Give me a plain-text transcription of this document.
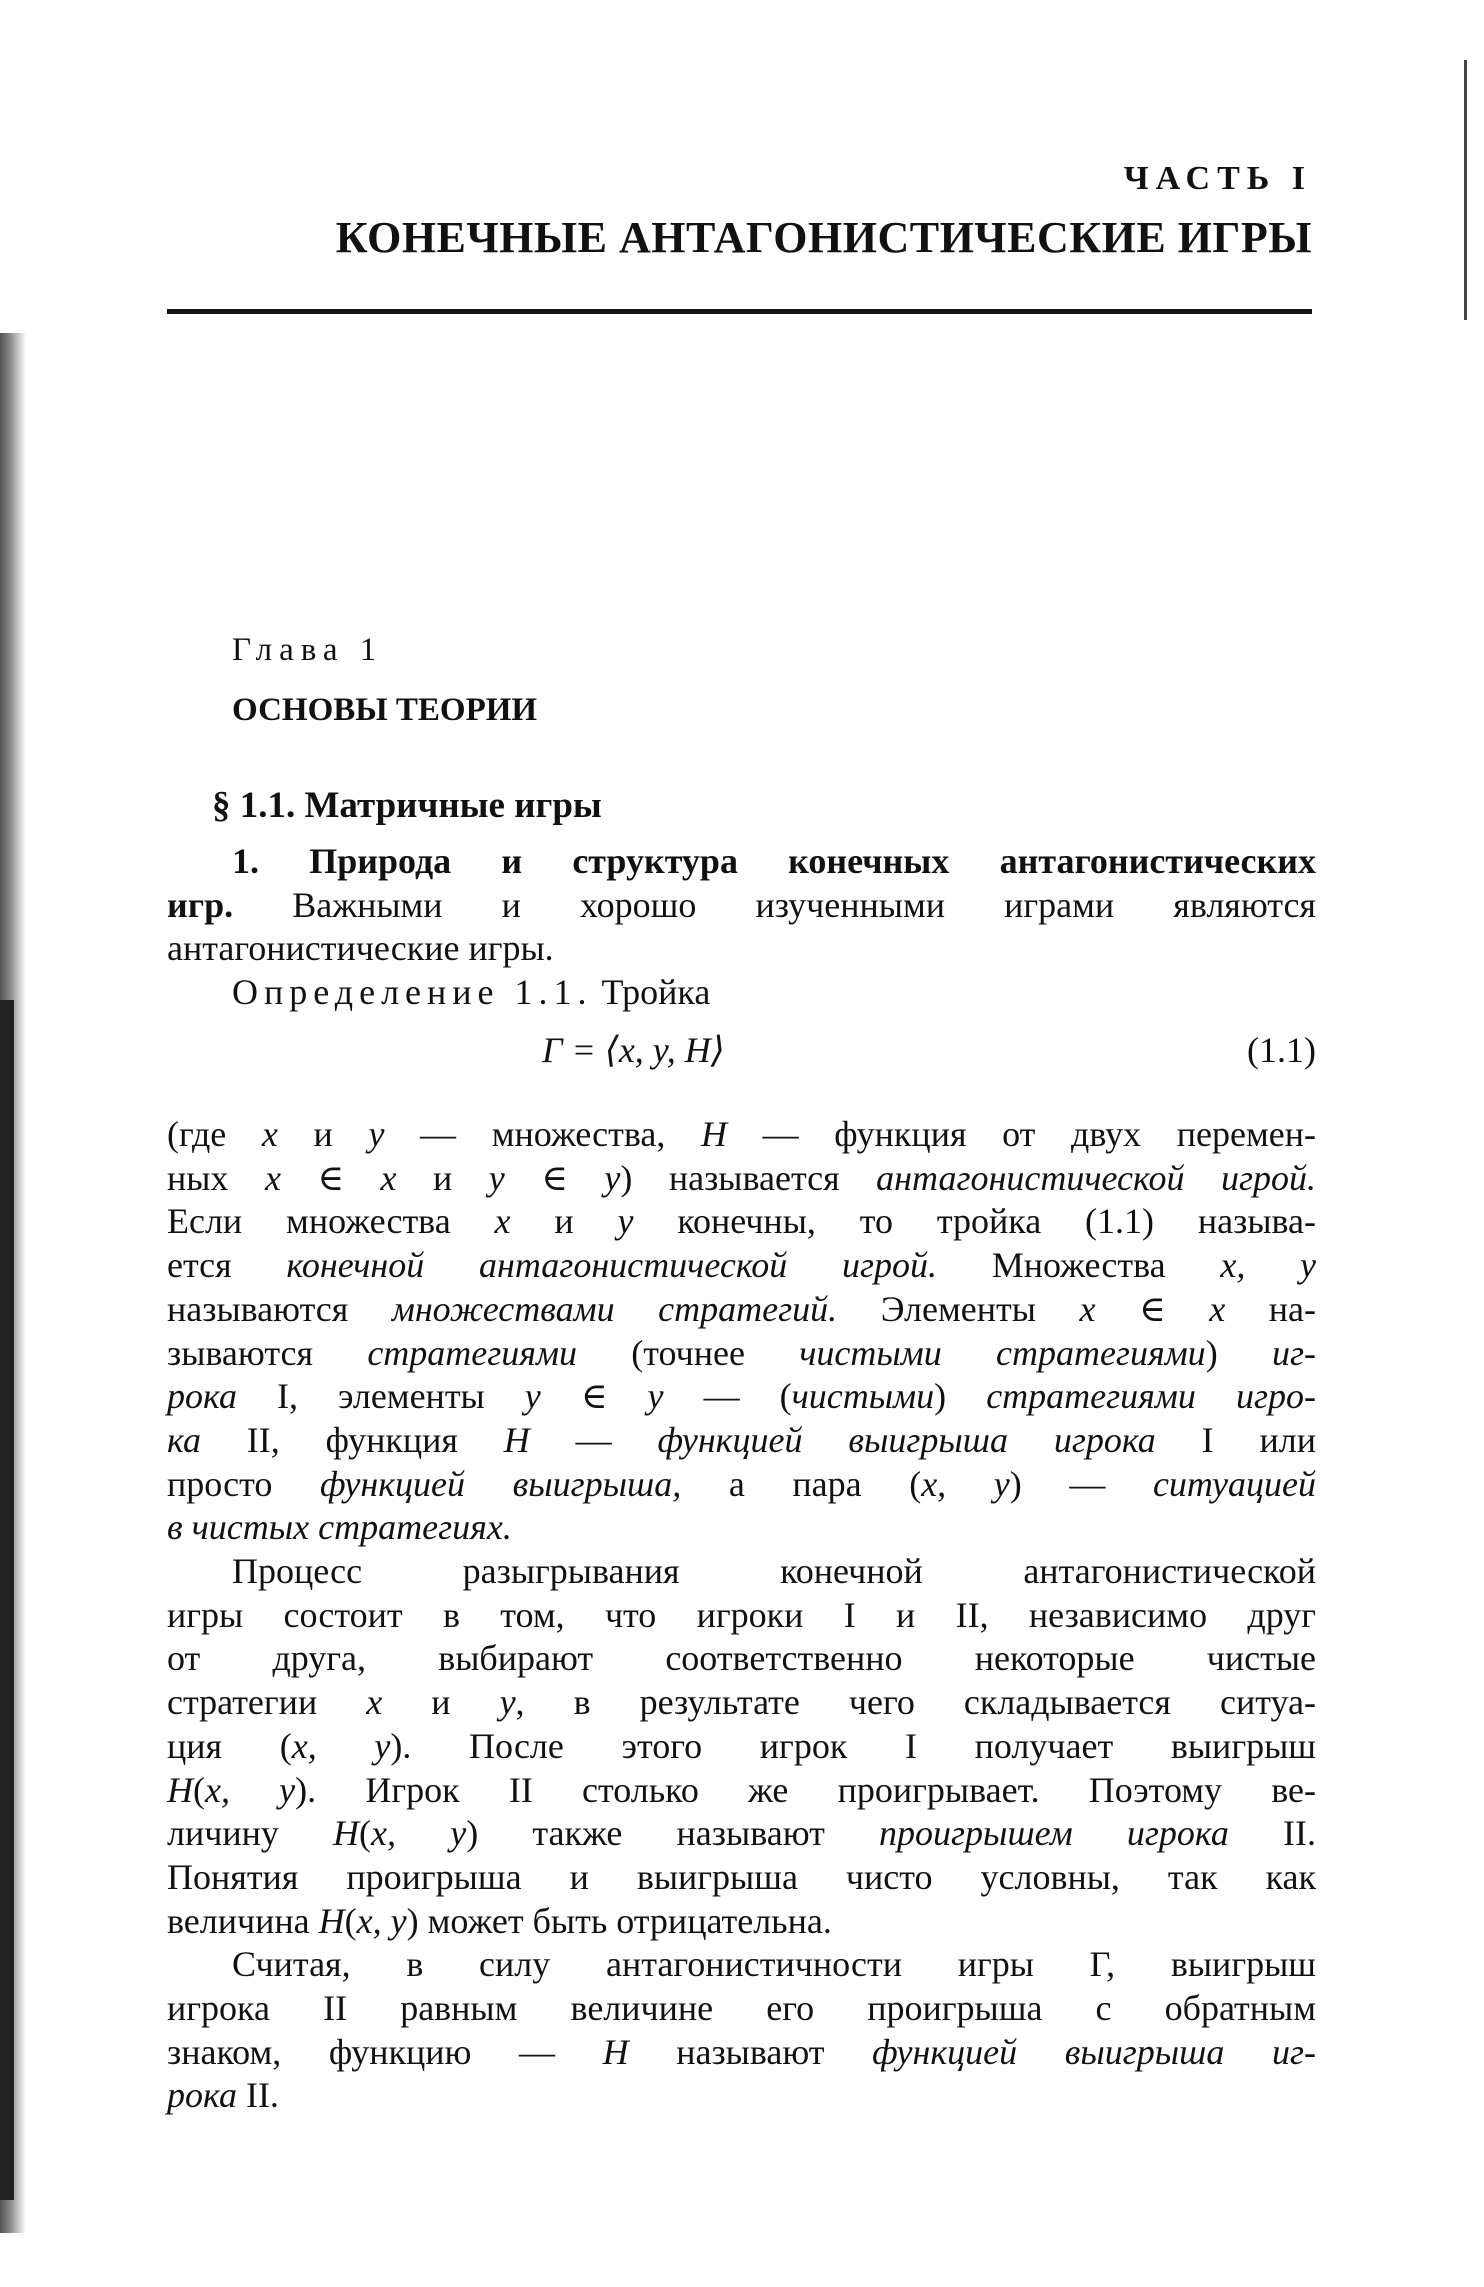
ЧАСТЬ I
КОНЕЧНЫЕ АНТАГОНИСТИЧЕСКИЕ ИГРЫ
Глава 1
ОСНОВЫ ТЕОРИИ
§ 1.1. Матричные игры
1. Природа и структура конечных антагонистических
игр. Важными и хорошо изученными играми являются
антагонистические игры.
Определение 1.1. Тройка
Γ = ⟨x, y, H⟩	(1.1)
(где x и y — множества, H — функция от двух перемен-
ных x ∈ x и y ∈ y) называется антагонистической игрой.
Если множества x и y конечны, то тройка (1.1) называ-
ется конечной антагонистической игрой. Множества x, y
называются множествами стратегий. Элементы x ∈ x на-
зываются стратегиями (точнее чистыми стратегиями) иг-
рока I, элементы y ∈ y — (чистыми) стратегиями игро-
ка II, функция H — функцией выигрыша игрока I или
просто функцией выигрыша, а пара (x, y) — ситуацией
в чистых стратегиях.
Процесс разыгрывания конечной антагонистической
игры состоит в том, что игроки I и II, независимо друг
от друга, выбирают соответственно некоторые чистые
стратегии x и y, в результате чего складывается ситуа-
ция (x, y). После этого игрок I получает выигрыш
H(x, y). Игрок II столько же проигрывает. Поэтому ве-
личину H(x, y) также называют проигрышем игрока II.
Понятия проигрыша и выигрыша чисто условны, так как
величина H(x, y) может быть отрицательна.
Считая, в силу антагонистичности игры Γ, выигрыш
игрока II равным величине его проигрыша с обратным
знаком, функцию — H называют функцией выигрыша иг-
рока II.
